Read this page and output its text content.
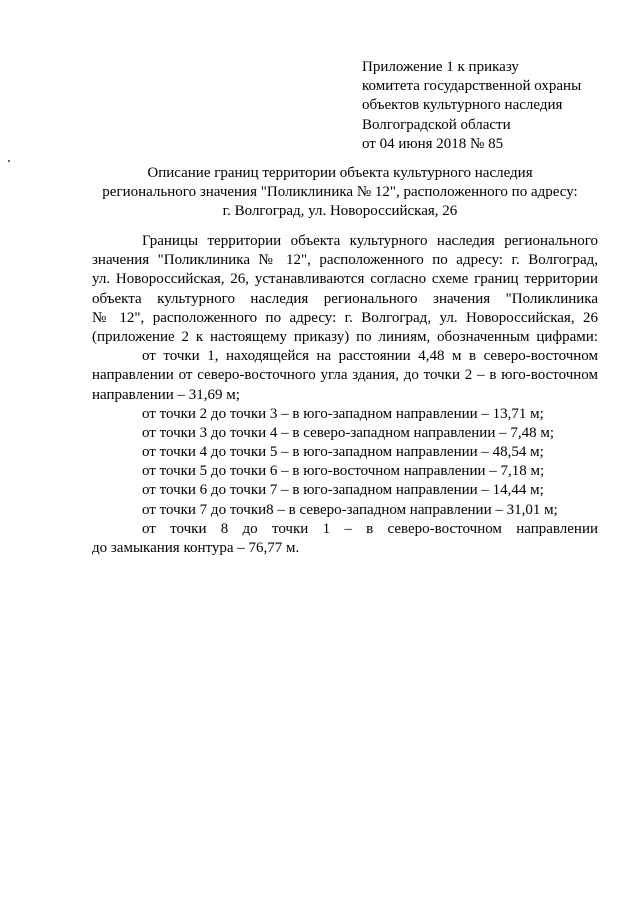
Приложение 1 к приказу
комитета государственной охраны
объектов культурного наследия
Волгоградской области
от 04 июня 2018 № 85
Описание границ территории объекта культурного наследия
регионального значения "Поликлиника № 12", расположенного по адресу:
г. Волгоград, ул. Новороссийская, 26
Границы территории объекта культурного наследия регионального
значения "Поликлиника № 12", расположенного по адресу: г. Волгоград,
ул. Новороссийская, 26, устанавливаются согласно схеме границ территории
объекта культурного наследия регионального значения "Поликлиника
№ 12", расположенного по адресу: г. Волгоград, ул. Новороссийская, 26
(приложение 2 к настоящему приказу) по линиям, обозначенным цифрами:
от точки 1, находящейся на расстоянии 4,48 м в северо-восточном
направлении от северо-восточного угла здания, до точки 2 – в юго-восточном
направлении – 31,69 м;
от точки 2 до точки 3 – в юго-западном направлении – 13,71 м;
от точки 3 до точки 4 – в северо-западном направлении – 7,48 м;
от точки 4 до точки 5 – в юго-западном направлении – 48,54 м;
от точки 5 до точки 6 – в юго-восточном направлении – 7,18 м;
от точки 6 до точки 7 – в юго-западном направлении – 14,44 м;
от точки 7 до точки8 – в северо-западном направлении – 31,01 м;
от точки 8 до точки 1 – в северо-восточном направлении
до замыкания контура – 76,77 м.
